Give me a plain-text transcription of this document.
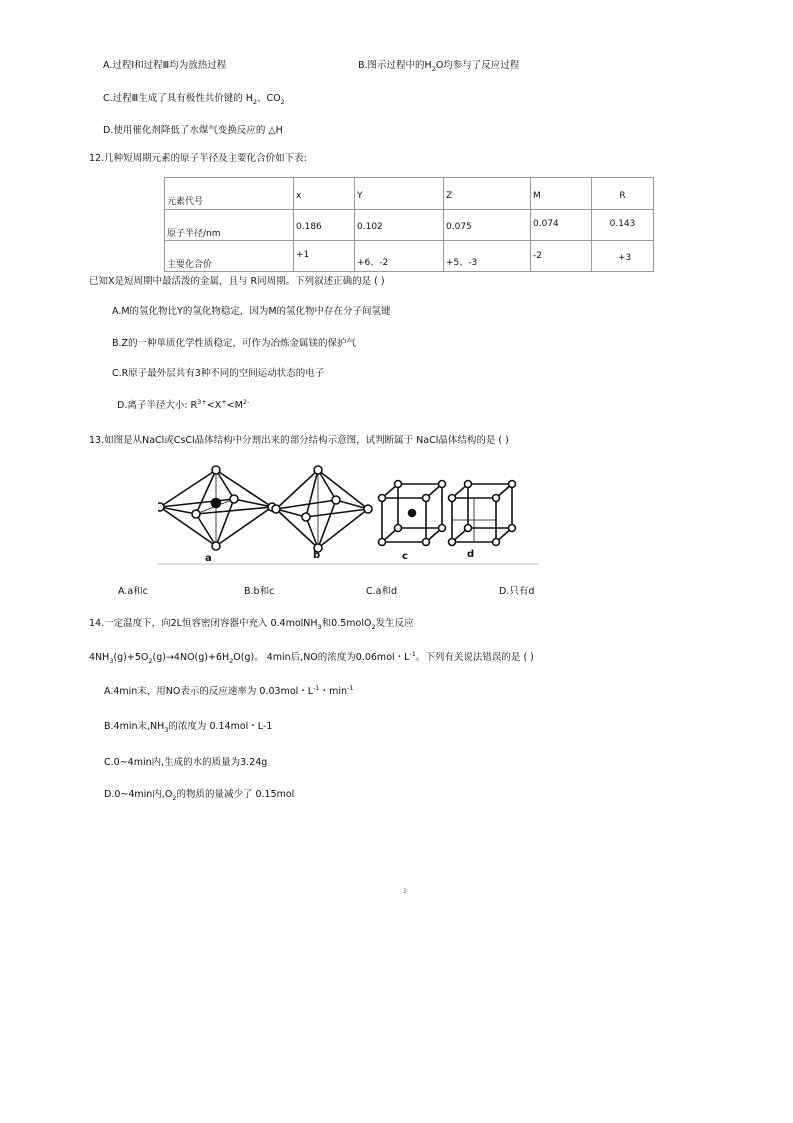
A.过程Ⅰ和过程Ⅲ均为放热过程	B.图示过程中的$H_2O$均参与了反应过程
C.过程Ⅲ生成了具有极性共价键的 $H_2$、$CO_2$
D.使用催化剂降低了水煤气变换反应的 △H
12.几种短周期元素的原子半径及主要化合价如下表:
元素代号	x	Y	Z	M	R
原子半径/nm	0.186	0.102	0.075	0.074	0.143
主要化合价	+1	+6、-2	+5、-3	-2	+3
已知X是短周期中最活泼的金属，且与 R同周期。下列叙述正确的是 ( )
A.M的氢化物比Y的氢化物稳定，因为M的氢化物中存在分子间氢键
B.Z的一种单质化学性质稳定，可作为冶炼金属镁的保护气
C.R原子最外层共有3种不同的空间运动状态的电子
D.离子半径大小: $R^{3+}<X^+<M^{2-}$
13.如图是从NaCl或CsCl晶体结构中分割出来的部分结构示意图，试判断属于 NaCl晶体结构的是 ( )
a	b	c	d
A.a和c	B.b和c	C.a和d	D.只有d
14.一定温度下，向2L恒容密闭容器中充入 0.4molNH$_3$和0.5molO$_2$发生反应
$4NH_3(g)+5O_2(g)\to 4NO(g)+6H_2O(g)$。 4min后,NO的浓度为0.06mol・$L^{-1}$。下列有关说法错误的是 ( )
A.4min末，用NO表示的反应速率为 0.03mol・$L^{-1}$・$\min^{-1}$
B.4min末$,NH_3$的浓度为 0.14mol・L-1
C.0~4min内,生成的水的质量为3.24g
D.0~4min内$,O_2$的物质的量减少了 0.15mol
3
